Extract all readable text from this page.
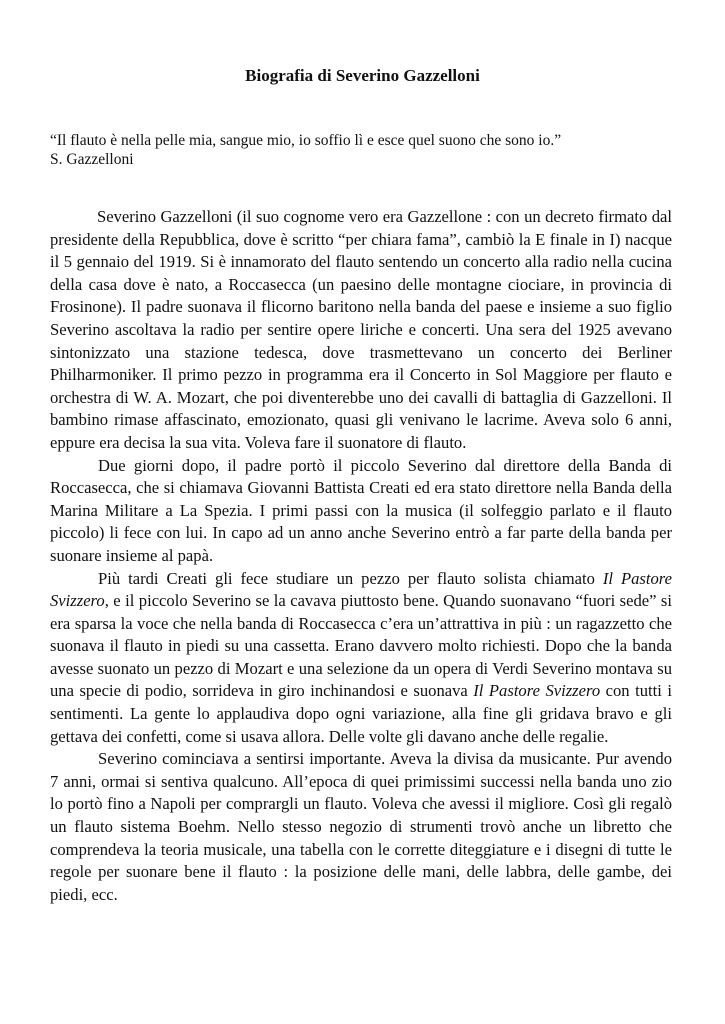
Biografia di Severino Gazzelloni

“Il flauto è nella pelle mia, sangue mio, io soffio lì e esce quel suono che sono io.”

S. Gazzelloni

Severino Gazzelloni (il suo cognome vero era Gazzellone : con un decreto firmato dal presidente della Repubblica, dove è scritto “per chiara fama”, cambiò la E finale in I) nacque il 5 gennaio del 1919. Si è innamorato del flauto sentendo un concerto alla radio nella cucina della casa dove è nato, a Roccasecca (un paesino delle montagne ciociare, in provincia di Frosinone). Il padre suonava il flicorno baritono nella banda del paese e insieme a suo figlio Severino ascoltava la radio per sentire opere liriche e concerti. Una sera del 1925 avevano sintonizzato una stazione tedesca, dove trasmettevano un concerto dei Berliner Philharmoniker. Il primo pezzo in programma era il Concerto in Sol Maggiore per flauto e orchestra di W. A. Mozart, che poi diventerebbe uno dei cavalli di battaglia di Gazzelloni. Il bambino rimase affascinato, emozionato, quasi gli venivano le lacrime. Aveva solo 6 anni, eppure era decisa la sua vita. Voleva fare il suonatore di flauto.

Due giorni dopo, il padre portò il piccolo Severino dal direttore della Banda di Roccasecca, che si chiamava Giovanni Battista Creati ed era stato direttore nella Banda della Marina Militare a La Spezia. I primi passi con la musica (il solfeggio parlato e il flauto piccolo) li fece con lui. In capo ad un anno anche Severino entrò a far parte della banda per suonare insieme al papà.

Più tardi Creati gli fece studiare un pezzo per flauto solista chiamato Il Pastore Svizzero, e il piccolo Severino se la cavava piuttosto bene. Quando suonavano “fuori sede” si era sparsa la voce che nella banda di Roccasecca c’era un’attrattiva in più : un ragazzetto che suonava il flauto in piedi su una cassetta. Erano davvero molto richiesti. Dopo che la banda avesse suonato un pezzo di Mozart e una selezione da un opera di Verdi Severino montava su una specie di podio, sorrideva in giro inchinandosi e suonava Il Pastore Svizzero con tutti i sentimenti. La gente lo applaudiva dopo ogni variazione, alla fine gli gridava bravo e gli gettava dei confetti, come si usava allora. Delle volte gli davano anche delle regalie.

Severino cominciava a sentirsi importante. Aveva la divisa da musicante. Pur avendo 7 anni, ormai si sentiva qualcuno. All’epoca di quei primissimi successi nella banda uno zio lo portò fino a Napoli per comprargli un flauto. Voleva che avessi il migliore. Così gli regalò un flauto sistema Boehm. Nello stesso negozio di strumenti trovò anche un libretto che comprendeva la teoria musicale, una tabella con le corrette diteggiature e i disegni di tutte le regole per suonare bene il flauto : la posizione delle mani, delle labbra, delle gambe, dei piedi, ecc.
